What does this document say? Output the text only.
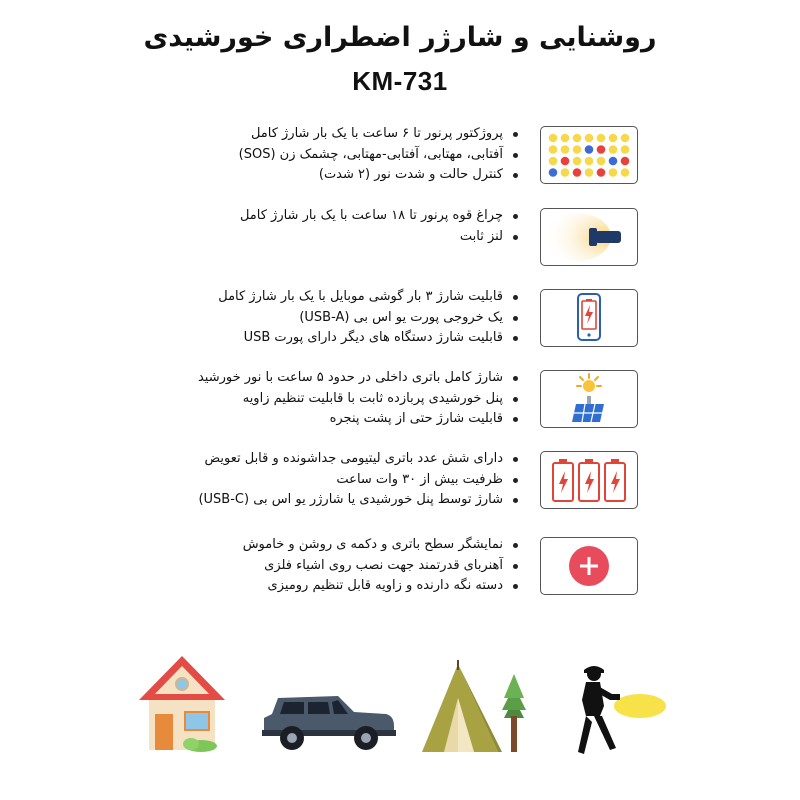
روشنایی و شارژر اضطراری خورشیدی
KM-731
پروژکتور پرنور تا ۶ ساعت با یک بار شارژ کامل
آفتابی، مهتابی، آفتابی-مهتابی، چشمک زن (SOS)
کنترل حالت و شدت نور (۲ شدت)
چراغ قوه پرنور تا ۱۸ ساعت با یک بار شارژ کامل
لنز ثابت
قابلیت شارژ ۳ بار گوشی موبایل با یک بار شارژ کامل
یک خروجی پورت یو اس بی (USB-A)
قابلیت شارژ دستگاه های دیگر دارای پورت USB
شارژ کامل باتری داخلی در حدود ۵ ساعت با نور خورشید
پنل خورشیدی پربازده ثابت با قابلیت تنظیم زاویه
قابلیت شارژ حتی از پشت پنجره
دارای شش عدد باتری لیتیومی جداشونده و قابل تعویض
ظرفیت بیش از ۳۰ وات ساعت
شارژ توسط پنل خورشیدی یا شارژر یو اس بی (USB-C)
نمایشگر سطح باتری و دکمه ی روشن و خاموش
آهنربای قدرتمند جهت نصب روی اشیاء فلزی
دسته نگه دارنده و زاویه قابل تنظیم رومیزی
